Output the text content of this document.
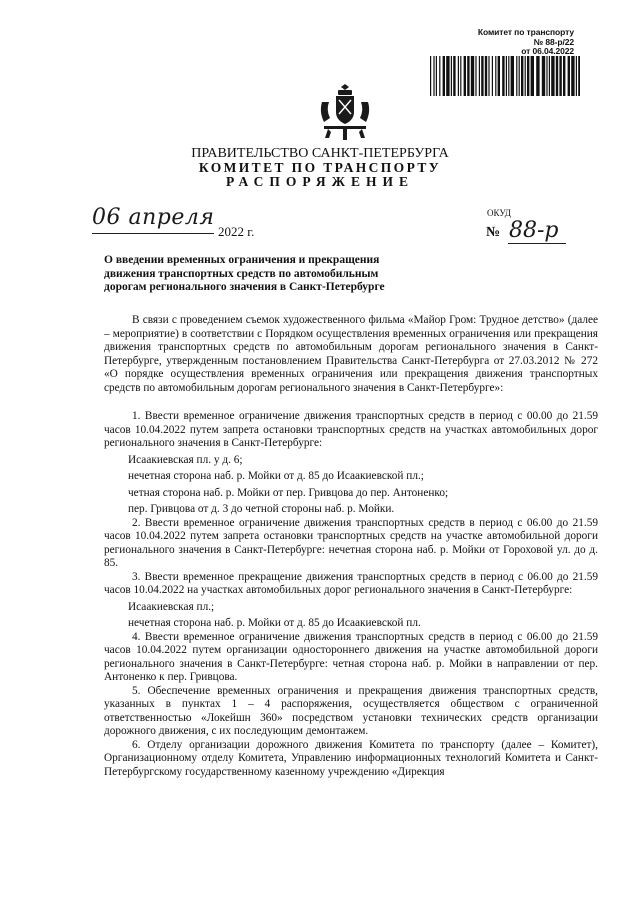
Комитет по транспорту
№ 88-р/22
от 06.04.2022
ПРАВИТЕЛЬСТВО САНКТ-ПЕТЕРБУРГА
КОМИТЕТ ПО ТРАНСПОРТУ
РАСПОРЯЖЕНИЕ
ОКУД
06 апреля
2022 г.	№ 88-р
О введении временных ограничения и прекращения движения транспортных средств по автомобильным дорогам регионального значения в Санкт-Петербурге

В связи с проведением съемок художественного фильма «Майор Гром: Трудное детство» (далее – мероприятие) в соответствии с Порядком осуществления временных ограничения или прекращения движения транспортных средств по автомобильным дорогам регионального значения в Санкт-Петербурге, утвержденным постановлением Правительства Санкт-Петербурга от 27.03.2012 № 272 «О порядке осуществления временных ограничения или прекращения движения транспортных средств по автомобильным дорогам регионального значения в Санкт-Петербурге»:

1. Ввести временное ограничение движения транспортных средств в период с 00.00 до 21.59 часов 10.04.2022 путем запрета остановки транспортных средств на участках автомобильных дорог регионального значения в Санкт-Петербурге:

Исаакиевская пл. у д. 6;

нечетная сторона наб. р. Мойки от д. 85 до Исаакиевской пл.;

четная сторона наб. р. Мойки от пер. Гривцова до пер. Антоненко;

пер. Гривцова от д. 3 до четной стороны наб. р. Мойки.

2. Ввести временное ограничение движения транспортных средств в период с 06.00 до 21.59 часов 10.04.2022 путем запрета остановки транспортных средств на участке автомобильной дороги регионального значения в Санкт-Петербурге: нечетная сторона наб. р. Мойки от Гороховой ул. до д. 85.

3. Ввести временное прекращение движения транспортных средств в период с 06.00 до 21.59 часов 10.04.2022 на участках автомобильных дорог регионального значения в Санкт-Петербурге:

Исаакиевская пл.;

нечетная сторона наб. р. Мойки от д. 85 до Исаакиевской пл.

4. Ввести временное ограничение движения транспортных средств в период с 06.00 до 21.59 часов 10.04.2022 путем организации одностороннего движения на участке автомобильной дороги регионального значения в Санкт-Петербурге: четная сторона наб. р. Мойки в направлении от пер. Антоненко к пер. Гривцова.

5. Обеспечение временных ограничения и прекращения движения транспортных средств, указанных в пунктах 1 – 4 распоряжения, осуществляется обществом с ограниченной ответственностью «Локейшн 360» посредством установки технических средств организации дорожного движения, с их последующим демонтажем.

6. Отделу организации дорожного движения Комитета по транспорту (далее – Комитет), Организационному отделу Комитета, Управлению информационных технологий Комитета и Санкт-Петербургскому государственному казенному учреждению «Дирекция
